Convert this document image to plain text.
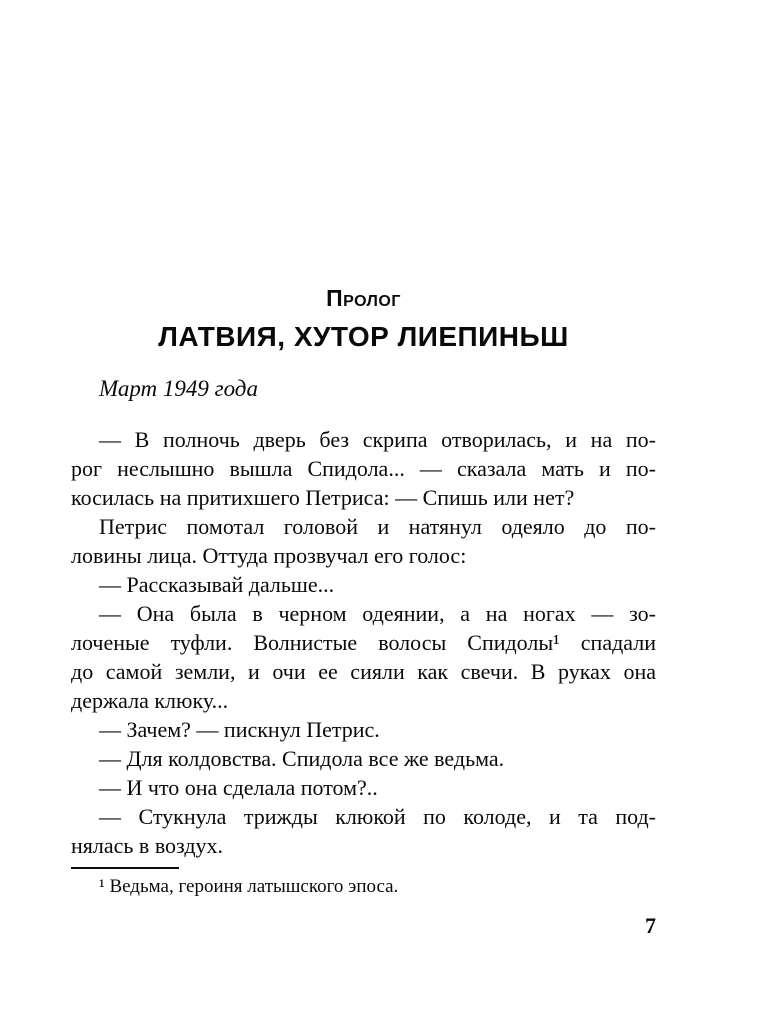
Пролог
ЛАТВИЯ, ХУТОР ЛИЕПИНЬШ
Март 1949 года

— В полночь дверь без скрипа отворилась, и на по-
рог неслышно вышла Спидола... — сказала мать и по-
косилась на притихшего Петриса: — Спишь или нет?

Петрис помотал головой и натянул одеяло до по-
ловины лица. Оттуда прозвучал его голос:

— Рассказывай дальше...

— Она была в черном одеянии, а на ногах — зо-
лоченые туфли. Волнистые волосы Спидолы¹ спадали
до самой земли, и очи ее сияли как свечи. В руках она
держала клюку...

— Зачем? — пискнул Петрис.

— Для колдовства. Спидола все же ведьма.

— И что она сделала потом?..

— Стукнула трижды клюкой по колоде, и та под-
нялась в воздух.

¹ Ведьма, героиня латышского эпоса.
7
